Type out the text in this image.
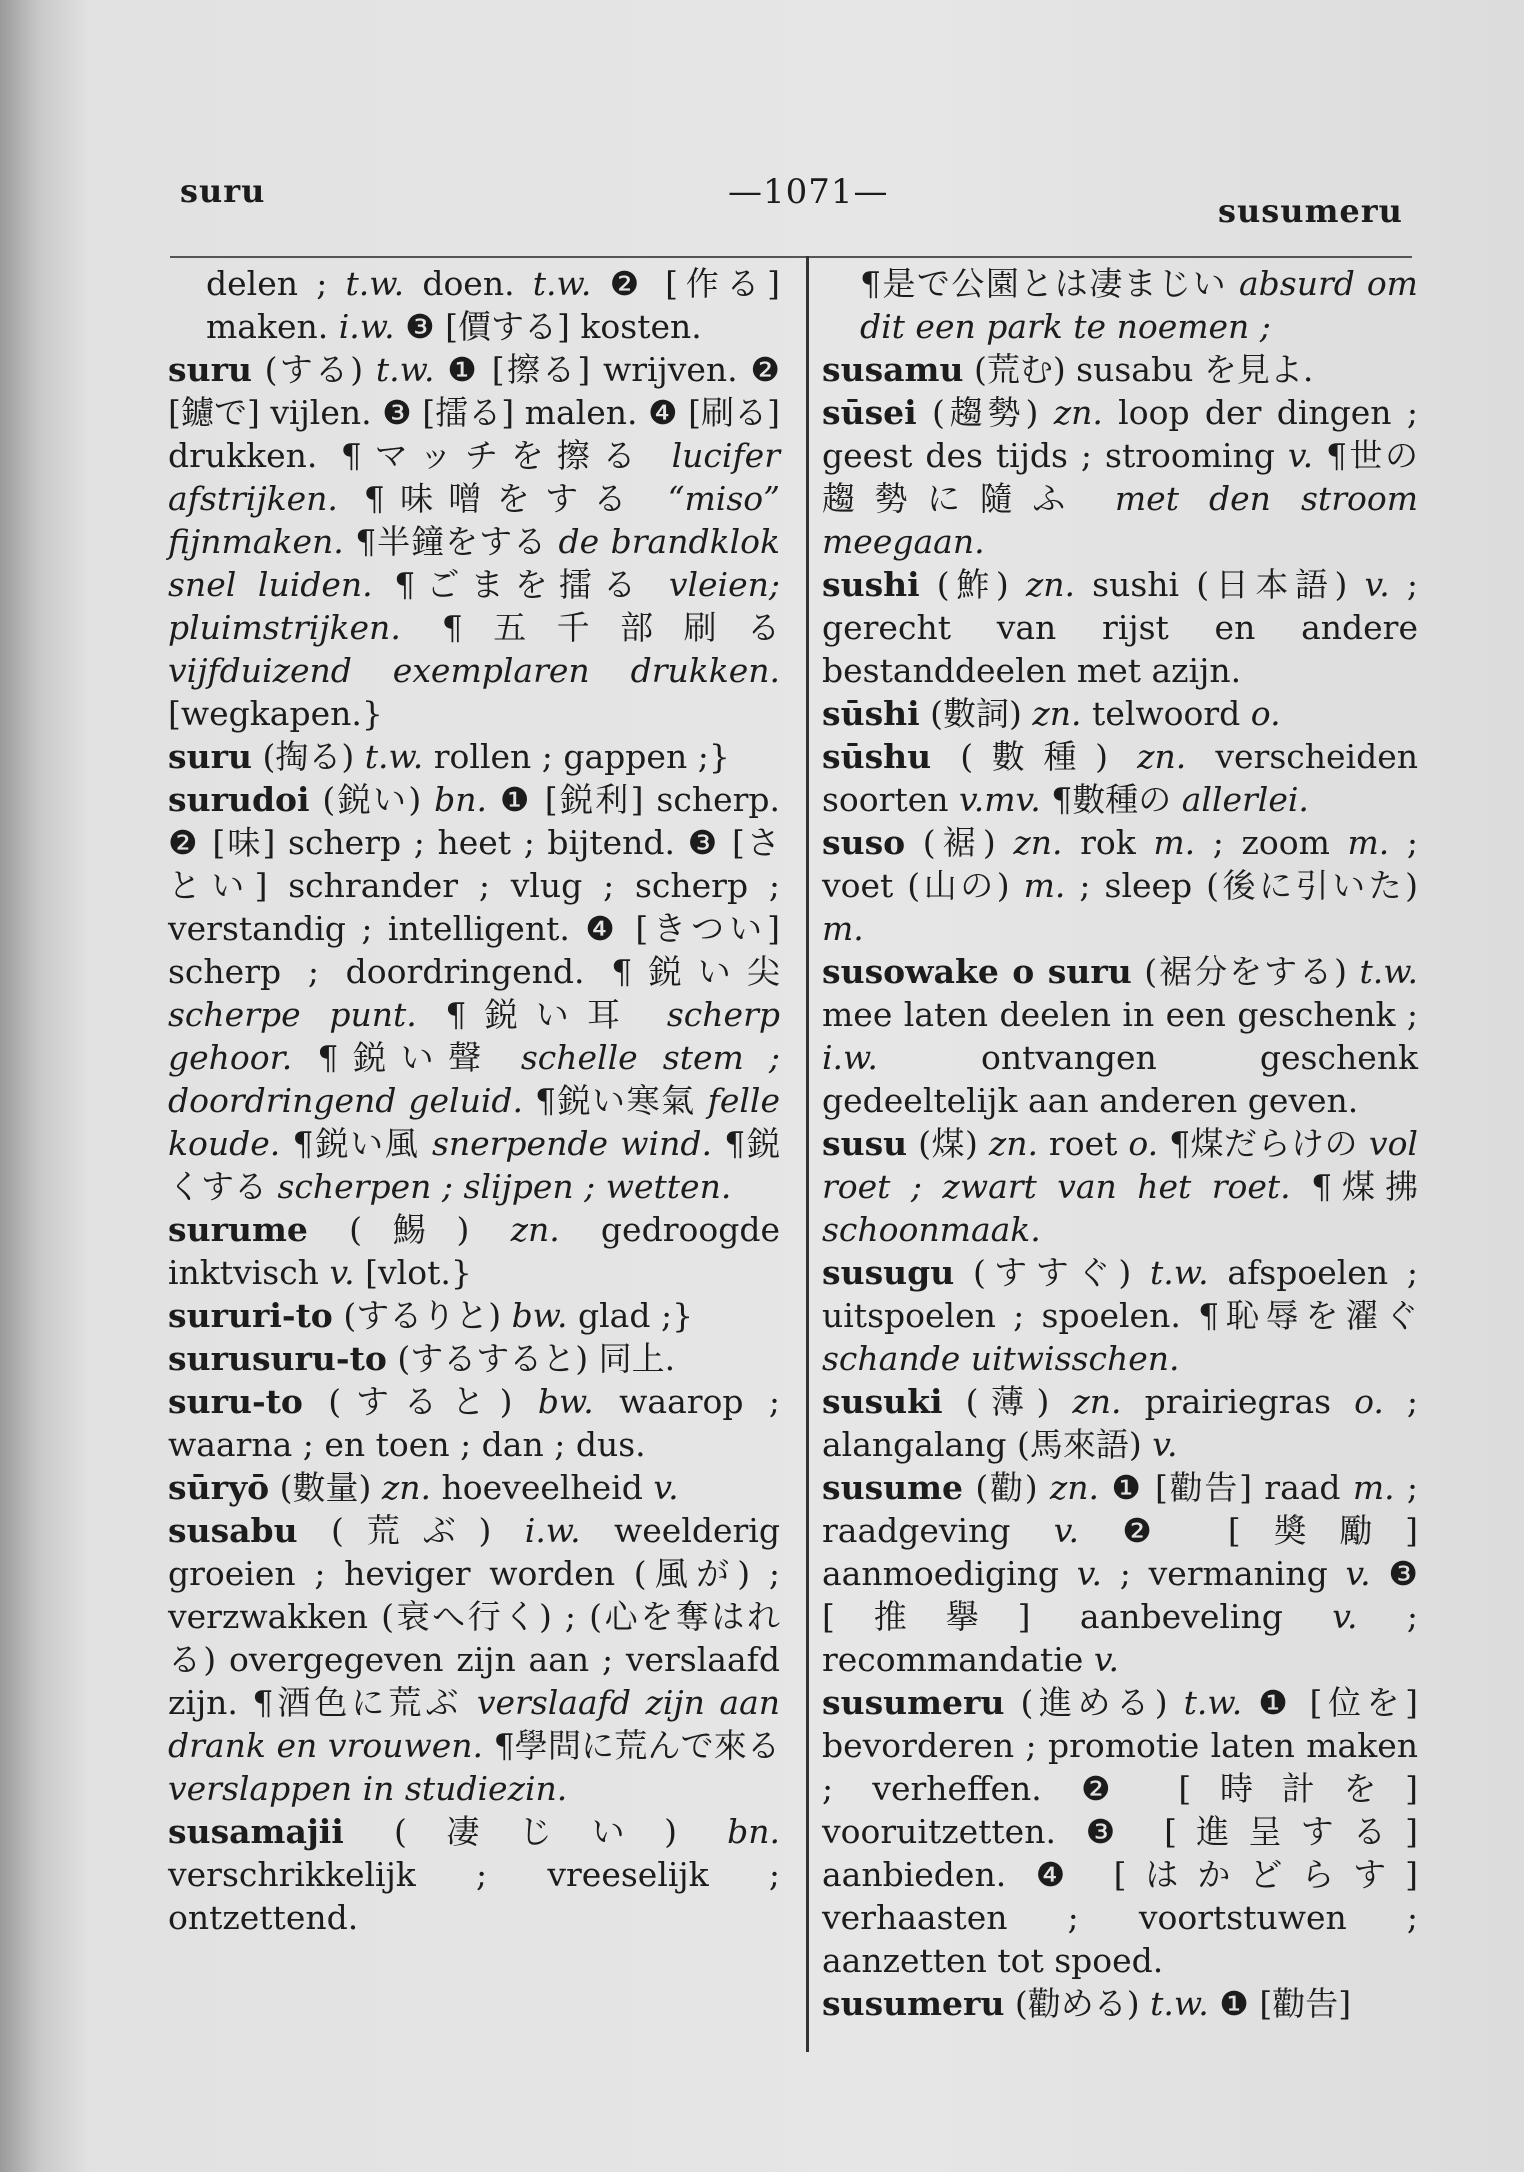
suru	—1071—	susumeru

delen ; t.w. doen. t.w. ❷ [作る] maken. i.w. ❸ [價する] kosten.

suru (する) t.w. ❶ [擦る] wrijven. ❷ [鑢で] vijlen. ❸ [擂る] malen. ❹ [刷る] drukken. ¶マッチを擦る lucifer afstrijken. ¶味噌をする “miso” fijnmaken. ¶半鐘をする de brandklok snel luiden. ¶ごまを擂る vleien; pluimstrijken. ¶五千部刷る vijfduizend exemplaren drukken. [wegkapen.}

suru (掏る) t.w. rollen ; gappen ;}

surudoi (鋭い) bn. ❶ [鋭利] scherp. ❷ [味] scherp ; heet ; bijtend. ❸ [さとい] schrander ; vlug ; scherp ; verstandig ; intelligent. ❹ [きつい] scherp ; doordringend. ¶鋭い尖 scherpe punt. ¶鋭い耳 scherp gehoor. ¶鋭い聲 schelle stem ; doordringend geluid. ¶鋭い寒氣 felle koude. ¶鋭い風 snerpende wind. ¶鋭くする scherpen ; slijpen ; wetten.

surume (鯣) zn. gedroogde inktvisch v. [vlot.}

sururi-to (するりと) bw. glad ;}

surusuru-to (するすると) 同上.

suru-to (すると) bw. waarop ; waarna ; en toen ; dan ; dus.

sūryō (數量) zn. hoeveelheid v.

susabu (荒ぶ) i.w. weelderig groeien ; heviger worden (風が) ; verzwakken (衰へ行く) ; (心を奪はれる) overgegeven zijn aan ; verslaafd zijn. ¶酒色に荒ぶ verslaafd zijn aan drank en vrouwen. ¶學問に荒んで來る verslappen in studiezin.

susamajii (凄じい) bn. verschrikkelijk ; vreeselijk ; ontzettend.

¶是で公園とは凄まじい absurd om dit een park te noemen ;

susamu (荒む) susabu を見よ.

sūsei (趨勢) zn. loop der dingen ; geest des tijds ; strooming v. ¶世の趨勢に隨ふ met den stroom meegaan.

sushi (鮓) zn. sushi (日本語) v. ; gerecht van rijst en andere bestanddeelen met azijn.

sūshi (數詞) zn. telwoord o.

sūshu (數種) zn. verscheiden soorten v.mv. ¶數種の allerlei.

suso (裾) zn. rok m. ; zoom m. ; voet (山の) m. ; sleep (後に引いた) m.

susowake o suru (裾分をする) t.w. mee laten deelen in een geschenk ; i.w. ontvangen geschenk gedeeltelijk aan anderen geven.

susu (煤) zn. roet o. ¶煤だらけの vol roet ; zwart van het roet. ¶煤拂 schoonmaak.

susugu (すすぐ) t.w. afspoelen ; uitspoelen ; spoelen. ¶恥辱を濯ぐ schande uitwisschen.

susuki (薄) zn. prairiegras o. ; alangalang (馬來語) v.

susume (勸) zn. ❶ [勸告] raad m. ; raadgeving v. ❷ [奬勵] aanmoediging v. ; vermaning v. ❸ [推擧] aanbeveling v. ; recommandatie v.

susumeru (進める) t.w. ❶ [位を] bevorderen ; promotie laten maken ; verheffen. ❷ [時計を] vooruitzetten. ❸ [進呈する] aanbieden. ❹ [はかどらす] verhaasten ; voortstuwen ; aanzetten tot spoed.

susumeru (勸める) t.w. ❶ [勸告]
